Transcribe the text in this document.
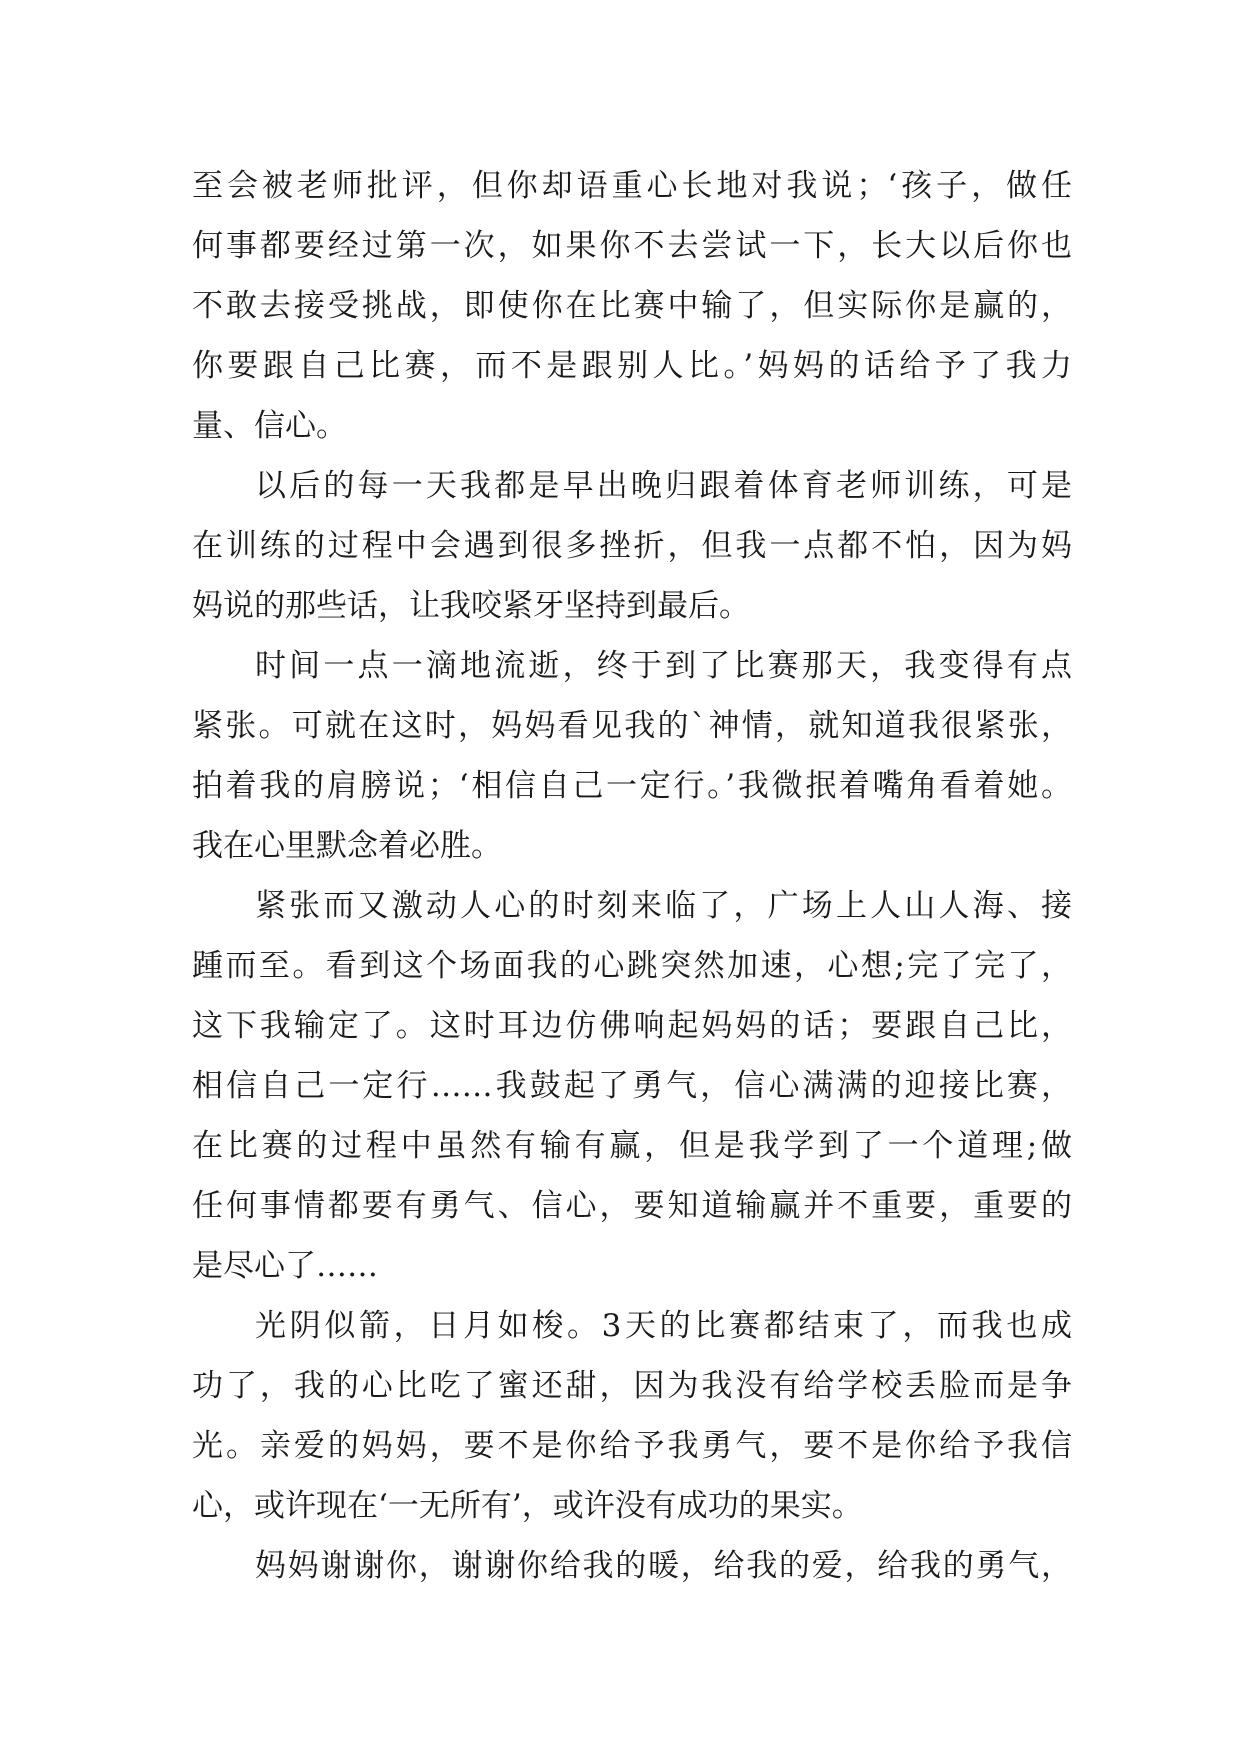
至会被老师批评，但你却语重心长地对我说；‘孩子，做任
何事都要经过第一次，如果你不去尝试一下，长大以后你也
不敢去接受挑战，即使你在比赛中输了，但实际你是赢的，
你要跟自己比赛，而不是跟别人比。’妈妈的话给予了我力
量、信心。
以后的每一天我都是早出晚归跟着体育老师训练，可是
在训练的过程中会遇到很多挫折，但我一点都不怕，因为妈
妈说的那些话，让我咬紧牙坚持到最后。
时间一点一滴地流逝，终于到了比赛那天，我变得有点
紧张。可就在这时，妈妈看见我的`神情，就知道我很紧张，
拍着我的肩膀说；‘相信自己一定行。’我微抿着嘴角看着她。
我在心里默念着必胜。
紧张而又激动人心的时刻来临了，广场上人山人海、接
踵而至。看到这个场面我的心跳突然加速，心想;完了完了，
这下我输定了。这时耳边仿佛响起妈妈的话；要跟自己比，
相信自己一定行……我鼓起了勇气，信心满满的迎接比赛，
在比赛的过程中虽然有输有赢，但是我学到了一个道理;做
任何事情都要有勇气、信心，要知道输赢并不重要，重要的
是尽心了……
光阴似箭，日月如梭。3天的比赛都结束了，而我也成
功了，我的心比吃了蜜还甜，因为我没有给学校丢脸而是争
光。亲爱的妈妈，要不是你给予我勇气，要不是你给予我信
心，或许现在‘一无所有’，或许没有成功的果实。
妈妈谢谢你，谢谢你给我的暖，给我的爱，给我的勇气，
